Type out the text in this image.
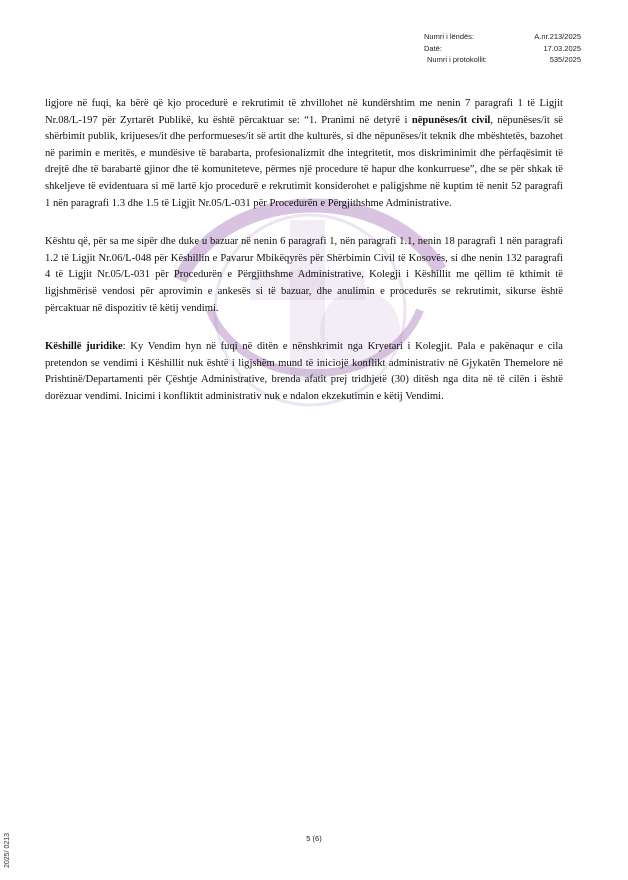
Numri i lëndës:	A.nr.213/2025
Datë:	17.03.2025
Numri i protokollit:	535/2025

ligjore në fuqi, ka bërë që kjo procedurë e rekrutimit të zhvillohet në kundërshtim me nenin 7 paragrafi 1 të Ligjit Nr.08/L-197 për Zyrtarët Publikë, ku është përcaktuar se: “1. Pranimi në detyrë i nëpunëses/it civil, nëpunëses/it së shërbimit publik, krijueses/it dhe performueses/it së artit dhe kulturës, si dhe nëpunëses/it teknik dhe mbështetës, bazohet në parimin e meritës, e mundësive të barabarta, profesionalizmit dhe integritetit, mos diskriminimit dhe përfaqësimit të drejtë dhe të barabartë gjinor dhe të komuniteteve, përmes një procedure të hapur dhe konkurruese”, dhe se për shkak të shkeljeve të evidentuara si më lartë kjo procedurë e rekrutimit konsiderohet e paligjshme në kuptim të nenit 52 paragrafi 1 nën paragrafi 1.3 dhe 1.5 të Ligjit Nr.05/L-031 për Procedurën e Përgjithshme Administrative.

Kështu që, për sa me sipër dhe duke u bazuar në nenin 6 paragrafi 1, nën paragrafi 1.1, nenin 18 paragrafi 1 nën paragrafi 1.2 të Ligjit Nr.06/L-048 për Këshillin e Pavarur Mbikëqyrës për Shërbimin Civil të Kosovës, si dhe nenin 132 paragrafi 4 të Ligjit Nr.05/L-031 për Procedurën e Përgjithshme Administrative, Kolegji i Këshillit me qëllim të kthimit të ligjshmërisë vendosi për aprovimin e ankesës si të bazuar, dhe anulimin e procedurës se rekrutimit, sikurse është përcaktuar në dispozitiv të këtij vendimi.

Këshillë juridike: Ky Vendim hyn në fuqi në ditën e nënshkrimit nga Kryetari i Kolegjit. Pala e pakënaqur e cila pretendon se vendimi i Këshillit nuk është i ligjshëm mund të iniciojë konflikt administrativ në Gjykatën Themelore në Prishtinë/Departamenti për Çështje Administrative, brenda afatit prej tridhjetë (30) ditësh nga dita në të cilën i është dorëzuar vendimi. Inicimi i konfliktit administrativ nuk e ndalon ekzekutimin e këtij Vendimi.

5 (6)
2025/ 0213
